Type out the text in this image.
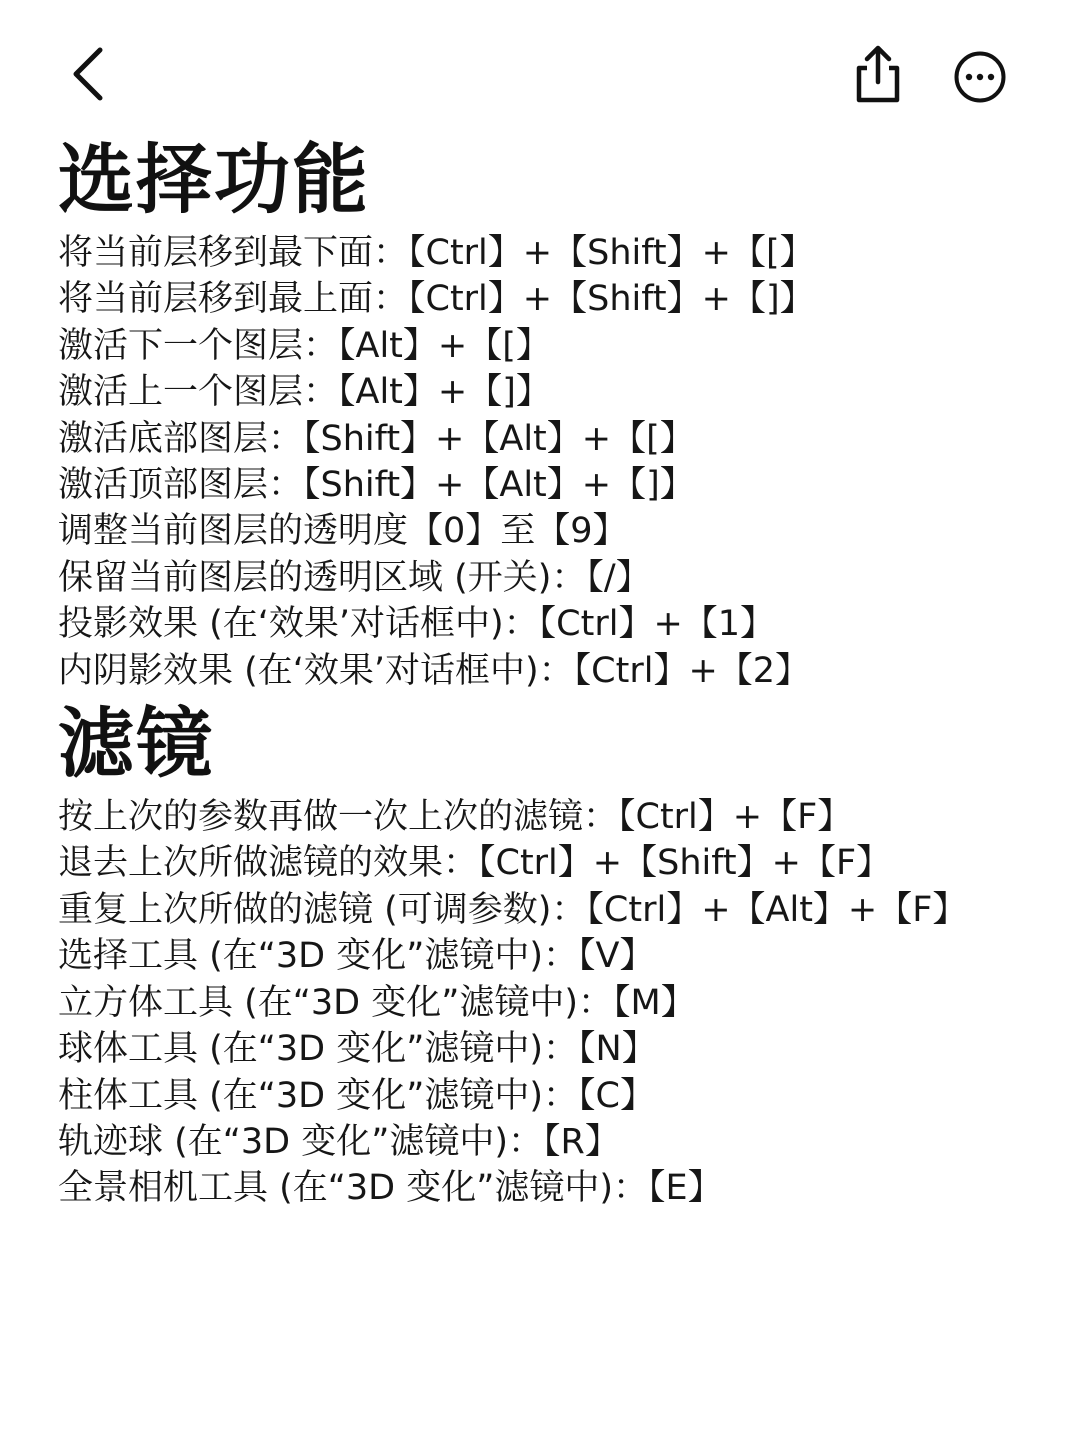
选择功能
将当前层移到最下面：【Ctrl】+【Shift】+【[】
将当前层移到最上面：【Ctrl】+【Shift】+【]】
激活下一个图层：【Alt】+【[】
激活上一个图层：【Alt】+【]】
激活底部图层：【Shift】+【Alt】+【[】
激活顶部图层：【Shift】+【Alt】+【]】
调整当前图层的透明度【0】至【9】
保留当前图层的透明区域 (开关)：【/】
投影效果 (在‘效果’对话框中)：【Ctrl】+【1】
内阴影效果 (在‘效果’对话框中)：【Ctrl】+【2】
滤镜
按上次的参数再做一次上次的滤镜：【Ctrl】+【F】
退去上次所做滤镜的效果：【Ctrl】+【Shift】+【F】
重复上次所做的滤镜 (可调参数)：【Ctrl】+【Alt】+【F】
选择工具 (在“3D 变化”滤镜中)：【V】
立方体工具 (在“3D 变化”滤镜中)：【M】
球体工具 (在“3D 变化”滤镜中)：【N】
柱体工具 (在“3D 变化”滤镜中)：【C】
轨迹球 (在“3D 变化”滤镜中)：【R】
全景相机工具 (在“3D 变化”滤镜中)：【E】
